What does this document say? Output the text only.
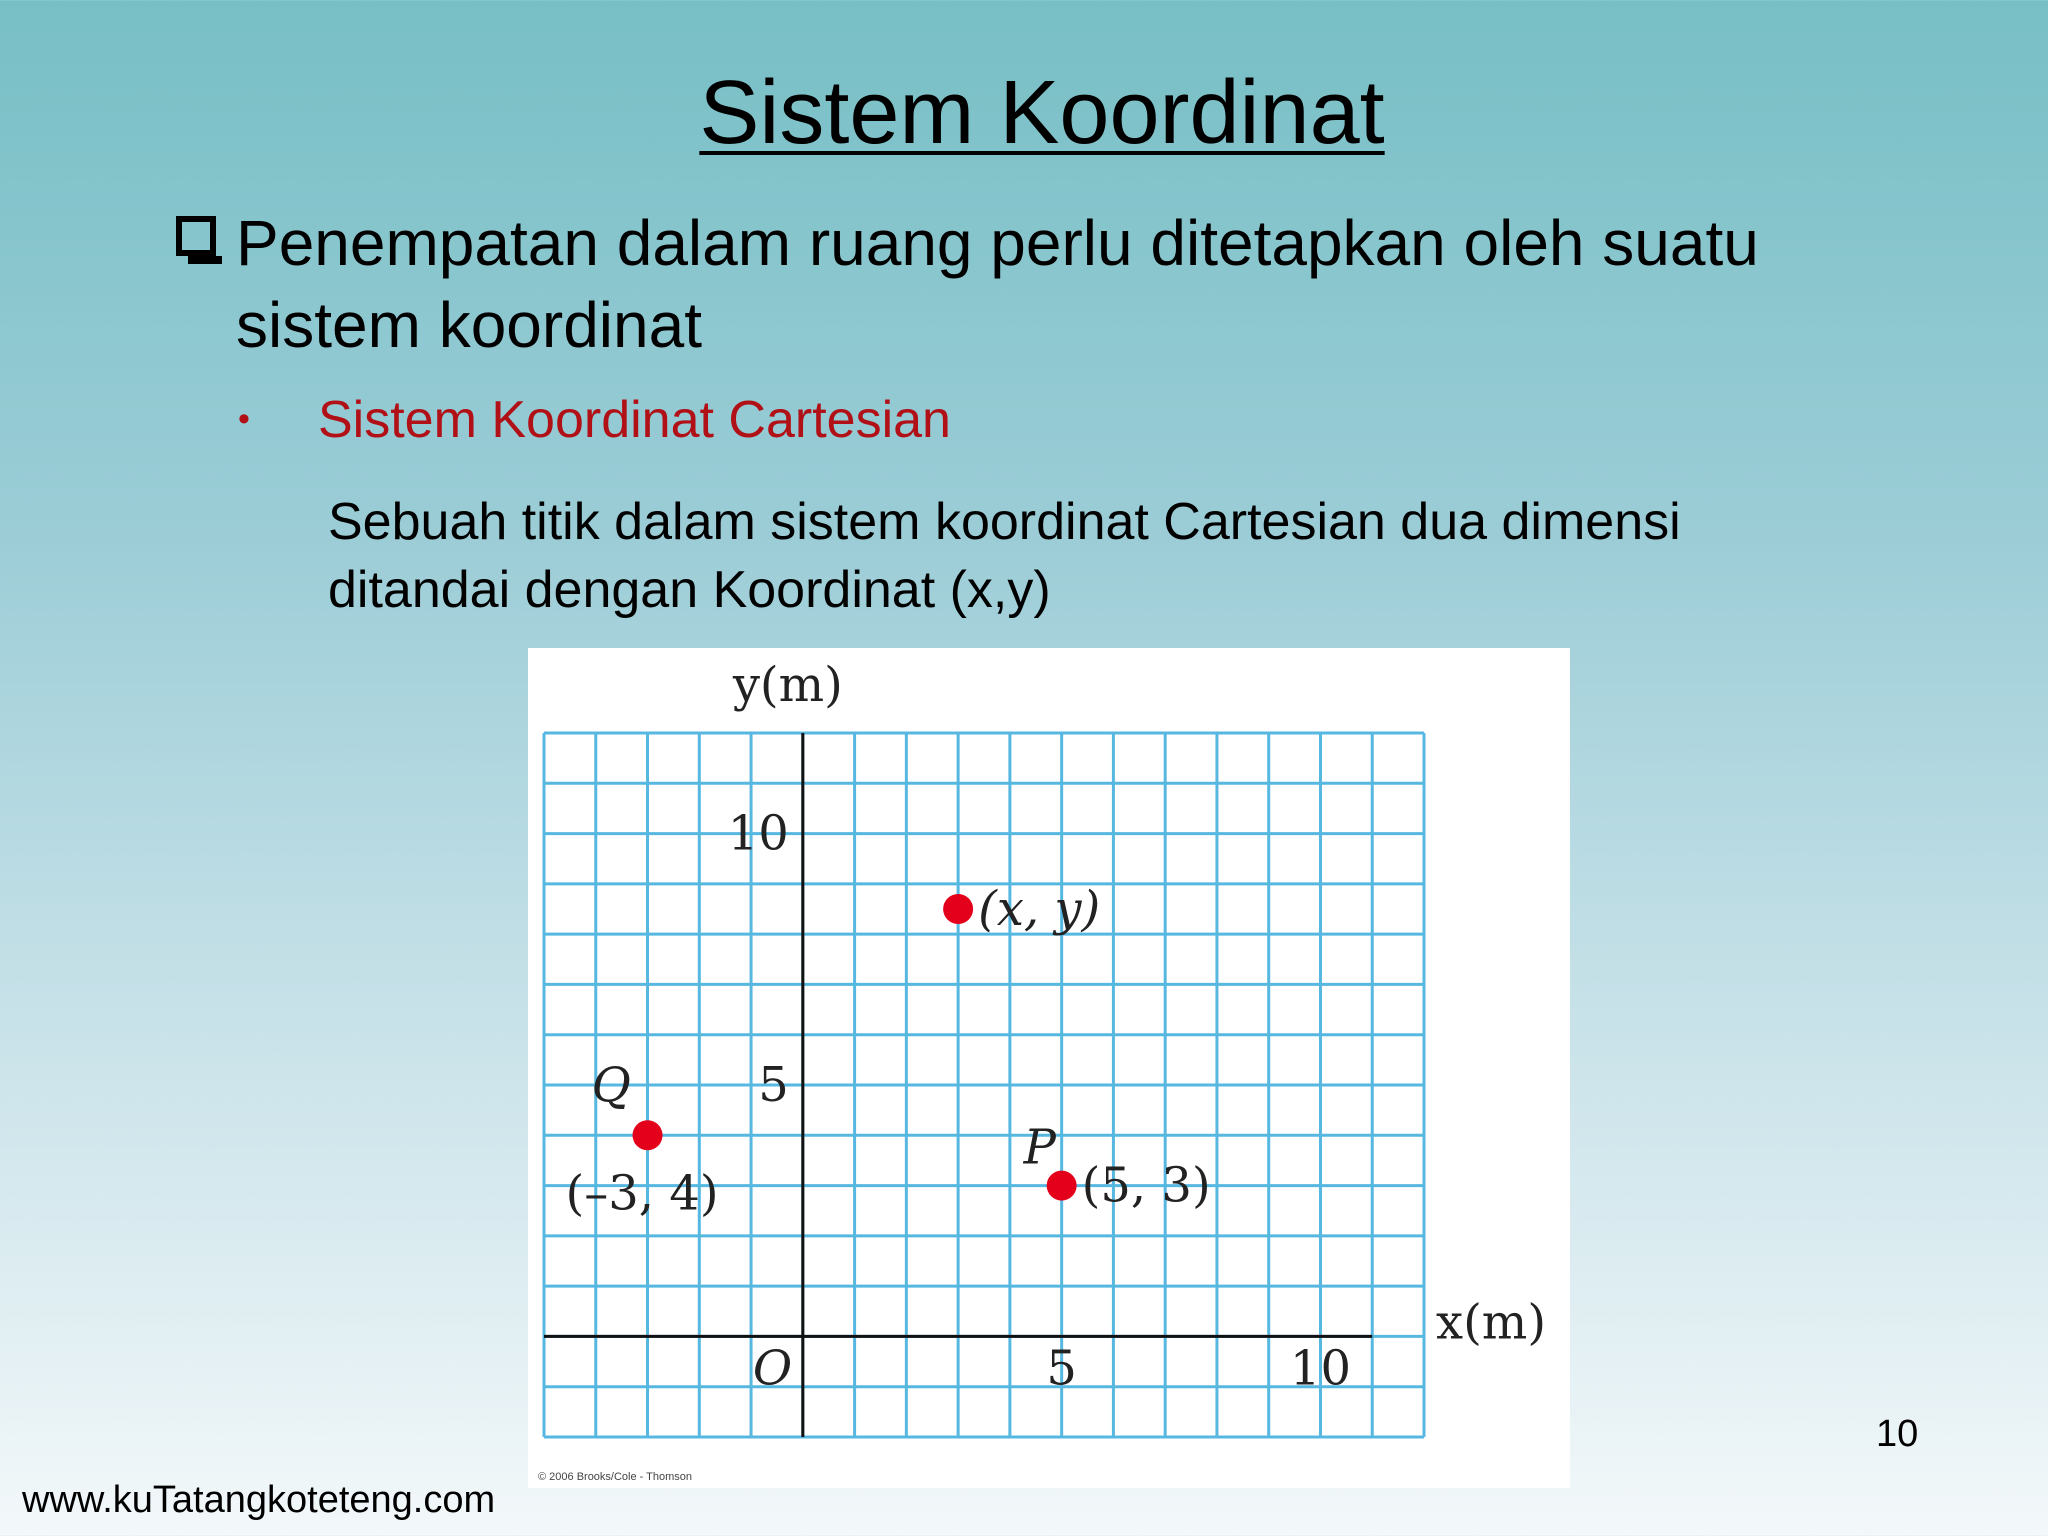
Sistem Koordinat
Penempatan dalam ruang perlu ditetapkan oleh suatu sistem koordinat
• Sistem Koordinat Cartesian
Sebuah titik dalam sistem koordinat Cartesian dua dimensi ditandai dengan Koordinat (x,y)
y(m)
x(m)
O	5	10
5
10
(x, y)
Q
(–3, 4)
P
(5, 3)
© 2006 Brooks/Cole - Thomson
10
www.kuTatangkoteteng.com
